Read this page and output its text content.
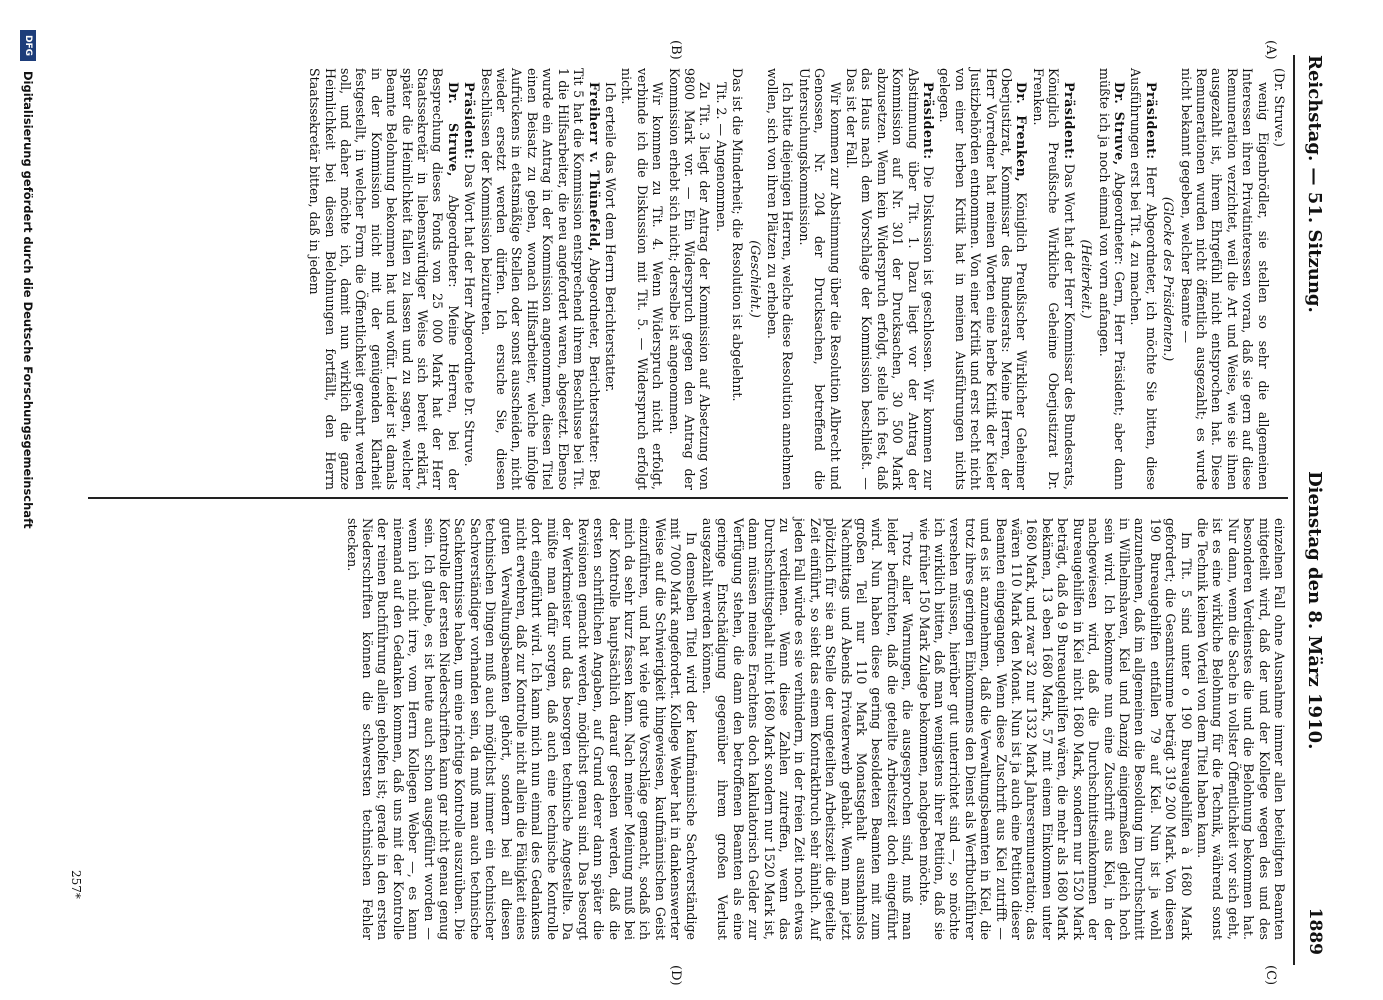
Reichstag. — 51. Sitzung.
Dienstag den 8. März 1910.
1889
(A)
(B)
(C)
(D)

(Dr. Struve.)

wenig Eigenbrödler, sie stellen so sehr die allgemeinen Interessen ihren Privatinteressen voran, daß sie gern auf diese Remuneration verzichtet, weil die Art und Weise, wie sie ihnen ausgezahlt ist, ihrem Ehrgefühl nicht entsprochen hat. Diese Remunerationen wurden nicht öffentlich ausgezahlt; es wurde nicht bekannt gegeben, welcher Beamte —

(Glocke des Präsidenten.)

Präsident: Herr Abgeordneter, ich möchte Sie bitten, diese Ausführungen erst bei Tit. 4 zu machen.

Dr. Struve, Abgeordneter: Gern, Herr Präsident; aber dann müßte ich ja noch einmal von vorn anfangen.

(Heiterkeit.)

Präsident: Das Wort hat der Herr Kommissar des Bundesrats, Königlich Preußische Wirkliche Geheime Oberjustizrat Dr. Frenken.

Dr. Frenken, Königlich Preußischer Wirklicher Geheimer Oberjustizrat, Kommissar des Bundesrats: Meine Herren, der Herr Vorredner hat meinen Worten eine herbe Kritik der Kieler Justizbehörden entnommen. Von einer Kritik und erst recht nicht von einer herben Kritik hat in meinen Ausführungen nichts gelegen.

Präsident: Die Diskussion ist geschlossen. Wir kommen zur Abstimmung über Tit. 1. Dazu liegt vor der Antrag der Kommission auf Nr. 301 der Drucksachen, 30 500 Mark abzusetzen. Wenn kein Widerspruch erfolgt, stelle ich fest, daß das Haus nach dem Vorschlage der Kommission beschließt. — Das ist der Fall.

Wir kommen zur Abstimmung über die Resolution Albrecht und Genossen, Nr. 204 der Drucksachen, betreffend die Untersuchungskommission.

Ich bitte diejenigen Herren, welche diese Resolution annehmen wollen, sich von ihren Plätzen zu erheben.

(Geschieht.)

Das ist die Minderheit; die Resolution ist abgelehnt.

Tit. 2. — Angenommen.

Zu Tit. 3 liegt der Antrag der Kommission auf Absetzung von 9800 Mark vor. — Ein Widerspruch gegen den Antrag der Kommission erhebt sich nicht; derselbe ist angenommen.

Wir kommen zu Tit. 4. Wenn Widerspruch nicht erfolgt, verbinde ich die Diskussion mit Tit. 5. — Widerspruch erfolgt nicht.

Ich erteile das Wort dem Herrn Berichterstatter.

Freiherr v. Thünefeld, Abgeordneter, Berichterstatter: Bei Tit 5 hat die Kommission entsprechend ihrem Beschlusse bei Tit. 1 die Hilfsarbeiter, die neu angefordert waren, abgesetzt. Ebenso wurde ein Antrag in der Kommission angenommen, diesen Titel einen Beisatz zu geben, wonach Hilfsarbeiter, welche infolge Aufrückens in etatsmäßige Stellen oder sonst ausscheiden, nicht wieder ersetzt werden dürfen. Ich ersuche Sie, diesen Beschlüssen der Kommission beizutreten.

Präsident: Das Wort hat der Herr Abgeordnete Dr. Struve.

Dr. Struve, Abgeordneter: Meine Herren, bei der Besprechung dieses Fonds von 25 000 Mark hat der Herr Staatssekretär in liebenswürdiger Weise sich bereit erklärt, später die Heimlichkeit fallen zu lassen und zu sagen, welcher Beamte Belohnung bekommen hat und wofür. Leider ist damals in der Kommission nicht mit der genügenden Klarheit festgestellt, in welcher Form die Öffentlichkeit gewahrt werden soll, und daher möchte ich, damit nun wirklich die ganze Heimlichkeit bei diesen Belohnungen fortfällt, den Herrn Staatssekretär bitten, daß in jedem

einzelnen Fall ohne Ausnahme immer allen beteiligten Beamten mitgeteilt wird, daß der und der Kollege wegen des und des besonderen Verdienstes die und die Belohnung bekommen hat. Nur dann, wenn die Sache in vollster Öffentlichkeit vor sich geht, ist es eine wirkliche Belohnung für die Technik, während sonst die Technik keinen Vorteil von dem Titel haben kann.

Im Tit. 5 sind unter o 190 Bureaugehilfen à 1680 Mark gefordert; die Gesamtsumme beträgt 319 200 Mark. Von diesen 190 Bureaugehilfen entfallen 79 auf Kiel. Nun ist ja wohl anzunehmen, daß im allgemeinen die Besoldung im Durchschnitt in Wilhelmshaven, Kiel und Danzig einigermaßen gleich hoch sein wird. Ich bekomme nun eine Zuschrift aus Kiel, in der nachgewiesen wird, daß die Durchschnittseinkommen der Bureaugehilfen in Kiel nicht 1680 Mark, sondern nur 1520 Mark beträgt, daß da 9 Bureaugehilfen wären, die mehr als 1680 Mark bekämen, 13 eben 1680 Mark, 57 mit einem Einkommen unter 1680 Mark, und zwar 32 nur 1332 Mark Jahresremuneration; das wären 110 Mark den Monat. Nun ist ja auch eine Petition dieser Beamten eingegangen. Wenn diese Zuschrift aus Kiel zutrifft — und es ist anzunehmen, daß die Verwaltungsbeamten in Kiel, die trotz ihres geringen Einkommens den Dienst als Werftbuchführer versehen müssen, hierüber gut unterrichtet sind —, so möchte ich wirklich bitten, daß man wenigstens ihrer Petition, daß sie wie früher 150 Mark Zulage bekommen, nachgeben möchte.

Trotz aller Warnungen, die ausgesprochen sind, muß man leider befürchten, daß die geteilte Arbeitszeit doch eingeführt wird. Nun haben diese gering besoldeten Beamten mit zum großen Teil nur 110 Mark Monatsgehalt ausnahmslos Nachmittags und Abends Privaterwerb gehabt. Wenn man jetzt plötzlich für sie an Stelle der ungeteilten Arbeitszeit die geteilte Zeit einführt, so sieht das einem Kontraktbruch sehr ähnlich. Auf jeden Fall würde es sie verhindern, in der freien Zeit noch etwas zu verdienen. Wenn diese Zahlen zutreffen, wenn das Durchschnittsgehalt nicht 1680 Mark sondern nur 1520 Mark ist, dann müssen meines Erachtens doch kalkulatorisch Gelder zur Verfügung stehen, die dann den betroffenen Beamten als eine geringe Entschädigung gegenüber ihrem großen Verlust ausgezahlt werden können.

In demselben Titel wird der kaufmännische Sachverständige mit 7000 Mark angefordert. Kollege Weber hat in dankenswerter Weise auf die Schwierigkeit hingewiesen, kaufmännischen Geist einzuführen, und hat viele gute Vorschläge gemacht, sodaß ich mich da sehr kurz fassen kann. Nach meiner Meinung muß bei der Kontrolle hauptsächlich darauf gesehen werden, daß die ersten schriftlichen Angaben, auf Grund derer dann später die Revisionen gemacht werden, möglichst genau sind. Das besorgt der Werkmeister und das besorgen technische Angestellte. Da müßte man dafür sorgen, daß auch eine technische Kontrolle dort eingeführt wird. Ich kann mich nun einmal des Gedankens nicht erwehren, daß zur Kontrolle nicht allein die Fähigkeit eines guten Verwaltungsbeamten gehört, sondern bei all diesen technischen Dingen muß auch möglichst immer ein technischer Sachverständiger vorhanden sein, da muß man auch technische Sachkenntnisse haben, um eine richtige Kontrolle auszuüben. Die Kontrolle der ersten Niederschriften kann gar nicht genau genug sein. Ich glaube, es ist heute auch schon ausgeführt worden — wenn ich nicht irre, vom Herrn Kollegen Weber —, es kann niemand auf den Gedanken kommen, daß uns mit der Kontrolle der reinen Buchführung allein geholfen ist; gerade in den ersten Niederschriften können die schwersten technischen Fehler stecken.

257*
DFG
Digitalisierung gefördert durch die Deutsche Forschungsgemeinschaft
